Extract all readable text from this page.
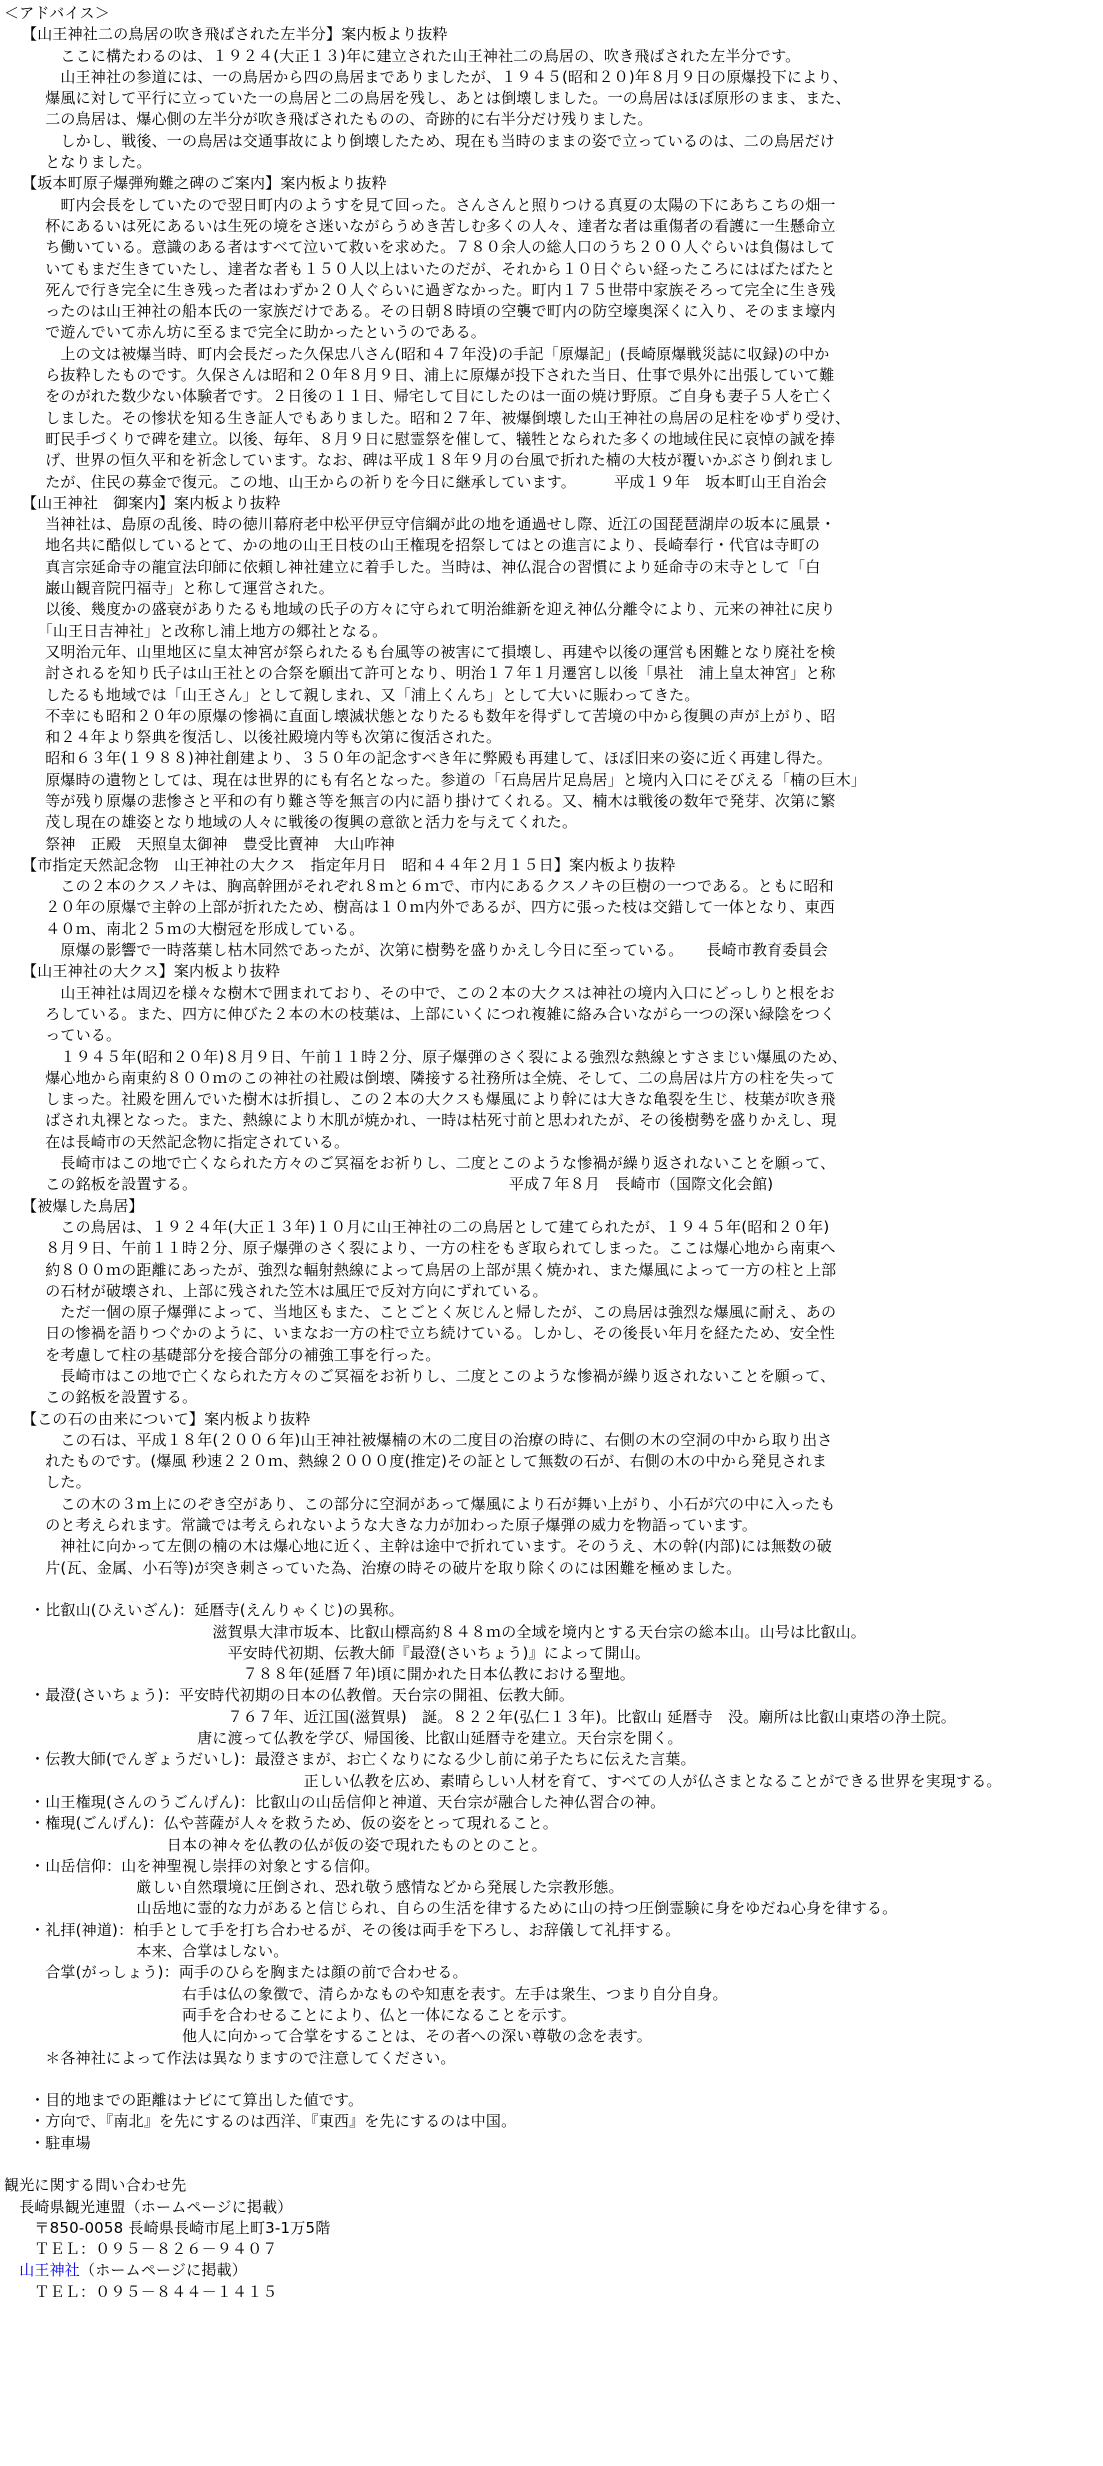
＜アドバイス＞
【山王神社二の鳥居の吹き飛ばされた左半分】案内板より抜粋
　　ここに構たわるのは、１９２４(大正１３)年に建立された山王神社二の鳥居の、吹き飛ばされた左半分です。
　　山王神社の参道には、一の鳥居から四の鳥居までありましたが、１９４５(昭和２０)年８月９日の原爆投下により、
　爆風に対して平行に立っていた一の鳥居と二の鳥居を残し、あとは倒壊しました。一の鳥居はほぼ原形のまま、また、
　二の鳥居は、爆心側の左半分が吹き飛ばされたものの、奇跡的に右半分だけ残りました。
　　しかし、戦後、一の鳥居は交通事故により倒壊したため、現在も当時のままの姿で立っているのは、二の鳥居だけ
　となりました。
【坂本町原子爆弾殉難之碑のご案内】案内板より抜粋
　　町内会長をしていたので翌日町内のようすを見て回った。さんさんと照りつける真夏の太陽の下にあちこちの畑一
　杯にあるいは死にあるいは生死の境をさ迷いながらうめき苦しむ多くの人々、達者な者は重傷者の看護に一生懸命立
　ち働いている。意識のある者はすべて泣いて救いを求めた。７８０余人の総人口のうち２００人ぐらいは負傷はして
　いてもまだ生きていたし、達者な者も１５０人以上はいたのだが、それから１０日ぐらい経ったころにはばたばたと
　死んで行き完全に生き残った者はわずか２０人ぐらいに過ぎなかった。町内１７５世帯中家族そろって完全に生き残
　ったのは山王神社の船本氏の一家族だけである。その日朝８時頃の空襲で町内の防空壕奥深くに入り、そのまま壕内
　で遊んでいて赤ん坊に至るまで完全に助かったというのである。
　　上の文は被爆当時、町内会長だった久保忠八さん(昭和４７年没)の手記「原爆記」(長崎原爆戦災誌に収録)の中か
　ら抜粋したものです。久保さんは昭和２０年８月９日、浦上に原爆が投下された当日、仕事で県外に出張していて難
　をのがれた数少ない体験者です。２日後の１１日、帰宅して目にしたのは一面の焼け野原。ご自身も妻子５人を亡く
　しました。その惨状を知る生き証人でもありました。昭和２７年、被爆倒壊した山王神社の鳥居の足柱をゆずり受け、
　町民手づくりで碑を建立。以後、毎年、８月９日に慰霊祭を催して、犠牲となられた多くの地域住民に哀悼の誠を捧
　げ、世界の恒久平和を祈念しています。なお、碑は平成１８年９月の台風で折れた楠の大枝が覆いかぶさり倒れまし
　たが、住民の募金で復元。この地、山王からの祈りを今日に継承しています。　　　平成１９年　坂本町山王自治会
【山王神社　御案内】案内板より抜粋
　当神社は、島原の乱後、時の徳川幕府老中松平伊豆守信綱が此の地を通過せし際、近江の国琵琶湖岸の坂本に風景・
　地名共に酷似しているとて、かの地の山王日枝の山王権現を招祭してはとの進言により、長崎奉行・代官は寺町の
　真言宗延命寺の龍宣法印師に依頼し神社建立に着手した。当時は、神仏混合の習慣により延命寺の末寺として「白
　巌山観音院円福寺」と称して運営された。
　以後、幾度かの盛衰がありたるも地域の氏子の方々に守られて明治維新を迎え神仏分離令により、元来の神社に戻り
　「山王日吉神社」と改称し浦上地方の郷社となる。
　又明治元年、山里地区に皇太神宮が祭られたるも台風等の被害にて損壊し、再建や以後の運営も困難となり廃社を検
　討されるを知り氏子は山王社との合祭を願出て許可となり、明治１７年１月遷宮し以後「県社　浦上皇太神宮」と称
　したるも地域では「山王さん」として親しまれ、又「浦上くんち」として大いに賑わってきた。
　不幸にも昭和２０年の原爆の惨禍に直面し壊滅状態となりたるも数年を得ずして苦境の中から復興の声が上がり、昭
　和２４年より祭典を復活し、以後社殿境内等も次第に復活された。
　昭和６３年(１９８８)神社創建より、３５０年の記念すべき年に弊殿も再建して、ほぼ旧来の姿に近く再建し得た。
　原爆時の遺物としては、現在は世界的にも有名となった。参道の「石鳥居片足鳥居」と境内入口にそびえる「楠の巨木」
　等が残り原爆の悲惨さと平和の有り難さ等を無言の内に語り掛けてくれる。又、楠木は戦後の数年で発芽、次第に繁
　茂し現在の雄姿となり地域の人々に戦後の復興の意欲と活力を与えてくれた。
　祭神　正殿　天照皇太御神　豊受比賣神　大山咋神
【市指定天然記念物　山王神社の大クス　指定年月日　昭和４４年２月１５日】案内板より抜粋
　　この２本のクスノキは、胸高幹囲がそれぞれ８ｍと６ｍで、市内にあるクスノキの巨樹の一つである。ともに昭和
　２０年の原爆で主幹の上部が折れたため、樹高は１０ｍ内外であるが、四方に張った枝は交錯して一体となり、東西
　４０ｍ、南北２５ｍの大樹冠を形成している。
　　原爆の影響で一時落葉し枯木同然であったが、次第に樹勢を盛りかえし今日に至っている。　　長崎市教育委員会
【山王神社の大クス】案内板より抜粋
　　山王神社は周辺を様々な樹木で囲まれており、その中で、この２本の大クスは神社の境内入口にどっしりと根をお
　ろしている。また、四方に伸びた２本の木の枝葉は、上部にいくにつれ複雑に絡み合いながら一つの深い緑陰をつく
　っている。
　　１９４５年(昭和２０年)８月９日、午前１１時２分、原子爆弾のさく裂による強烈な熱線とすさまじい爆風のため、
　爆心地から南東約８００ｍのこの神社の社殿は倒壊、隣接する社務所は全焼、そして、二の鳥居は片方の柱を失って
　しまった。社殿を囲んでいた樹木は折損し、この２本の大クスも爆風により幹には大きな亀裂を生じ、枝葉が吹き飛
　ばされ丸裸となった。また、熱線により木肌が焼かれ、一時は枯死寸前と思われたが、その後樹勢を盛りかえし、現
　在は長崎市の天然記念物に指定されている。
　　長崎市はこの地で亡くなられた方々のご冥福をお祈りし、二度とこのような惨禍が繰り返されないことを願って、
　この銘板を設置する。　　　　　　　　　　　　　　　　　　　　　平成７年８月　長崎市（国際文化会館)
【被爆した鳥居】
　　この鳥居は、１９２４年(大正１３年)１０月に山王神社の二の鳥居として建てられたが、１９４５年(昭和２０年)
　８月９日、午前１１時２分、原子爆弾のさく裂により、一方の柱をもぎ取られてしまった。ここは爆心地から南東へ
　約８００ｍの距離にあったが、強烈な輻射熱線によって鳥居の上部が黒く焼かれ、また爆風によって一方の柱と上部
　の石材が破壊され、上部に残された笠木は風圧で反対方向にずれている。
　　ただ一個の原子爆弾によって、当地区もまた、ことごとく灰じんと帰したが、この鳥居は強烈な爆風に耐え、あの
　日の惨禍を語りつぐかのように、いまなお一方の柱で立ち続けている。しかし、その後長い年月を経たため、安全性
　を考慮して柱の基礎部分を接合部分の補強工事を行った。
　　長崎市はこの地で亡くなられた方々のご冥福をお祈りし、二度とこのような惨禍が繰り返されないことを願って、
　この銘板を設置する。
【この石の由来について】案内板より抜粋
　　この石は、平成１８年(２００６年)山王神社被爆楠の木の二度目の治療の時に、右側の木の空洞の中から取り出さ
　れたものです。(爆風 秒速２２０ｍ、熱線２０００度(推定)その証として無数の石が、右側の木の中から発見されま
　した。
　　この木の３ｍ上にのぞき空があり、この部分に空洞があって爆風により石が舞い上がり、小石が穴の中に入ったも
　のと考えられます。常識では考えられないような大きな力が加わった原子爆弾の威力を物語っています。
　　神社に向かって左側の楠の木は爆心地に近く、主幹は途中で折れています。そのうえ、木の幹(内部)には無数の破
　片(瓦、金属、小石等)が突き刺さっていた為、治療の時その破片を取り除くのには困難を極めました。
・比叡山(ひえいざん)：延暦寺(えんりゃくじ)の異称。
　　　　　　　　　　　　滋賀県大津市坂本、比叡山標高約８４８ｍの全域を境内とする天台宗の総本山。山号は比叡山。
　　　　　　　　　　　　　平安時代初期、伝教大師『最澄(さいちょう)』によって開山。
　　　　　　　　　　　　　　７８８年(延暦７年)頃に開かれた日本仏教における聖地。
・最澄(さいちょう)：平安時代初期の日本の仏教僧。天台宗の開祖、伝教大師。
　　　　　　　　　　　　　７６７年、近江国(滋賀県)　誕。８２２年(弘仁１３年)。比叡山 延暦寺　没。廟所は比叡山東塔の浄土院。
　　　　　　　　　　　唐に渡って仏教を学び、帰国後、比叡山延暦寺を建立。天台宗を開く。
・伝教大師(でんぎょうだいし)：最澄さまが、お亡くなりになる少し前に弟子たちに伝えた言葉。
　　　　　　　　　　　　　　　　　　正しい仏教を広め、素晴らしい人材を育て、すべての人が仏さまとなることができる世界を実現する。
・山王権現(さんのうごんげん)：比叡山の山岳信仰と神道、天台宗が融合した神仏習合の神。
・権現(ごんげん)：仏や菩薩が人々を救うため、仮の姿をとって現れること。
　　　　　　　　　日本の神々を仏教の仏が仮の姿で現れたものとのこと。
・山岳信仰：山を神聖視し崇拝の対象とする信仰。
　　　　　　　厳しい自然環境に圧倒され、恐れ敬う感情などから発展した宗教形態。
　　　　　　　山岳地に霊的な力があると信じられ、自らの生活を律するために山の持つ圧倒霊験に身をゆだね心身を律する。
・礼拝(神道)：柏手として手を打ち合わせるが、その後は両手を下ろし、お辞儀して礼拝する。
　　　　　　　本来、合掌はしない。
　合掌(がっしょう)：両手のひらを胸または顔の前で合わせる。
　　　　　　　　　　右手は仏の象徴で、清らかなものや知恵を表す。左手は衆生、つまり自分自身。
　　　　　　　　　　両手を合わせることにより、仏と一体になることを示す。
　　　　　　　　　　他人に向かって合掌をすることは、その者への深い尊敬の念を表す。
　＊各神社によって作法は異なりますので注意してください。
・目的地までの距離はナビにて算出した値です。
・方向で、『南北』を先にするのは西洋、『東西』を先にするのは中国。
・駐車場
観光に関する問い合わせ先
　長崎県観光連盟（ホームページに掲載）
　　〒850-0058 長崎県長崎市尾上町3-1万5階
　　ＴＥＬ：０９５－８２６－９４０７
　山王神社（ホームページに掲載）
　　ＴＥＬ：０９５－８４４－１４１５
